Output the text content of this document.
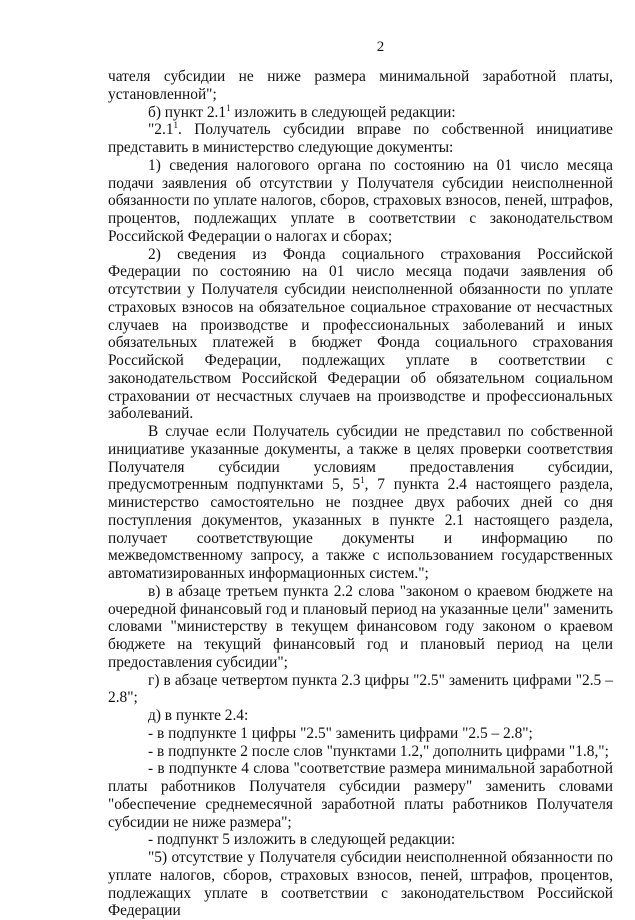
2

чателя субсидии не ниже размера минимальной заработной платы, установленной";

б) пункт $2.1^1$ изложить в следующей редакции:

"$2.1^1$. Получатель субсидии вправе по собственной инициативе представить в министерство следующие документы:

1) сведения налогового органа по состоянию на 01 число месяца подачи заявления об отсутствии у Получателя субсидии неисполненной обязанности по уплате налогов, сборов, страховых взносов, пеней, штрафов, процентов, подлежащих уплате в соответствии с законодательством Российской Федерации о налогах и сборах;

2) сведения из Фонда социального страхования Российской Федерации по состоянию на 01 число месяца подачи заявления об отсутствии у Получателя субсидии неисполненной обязанности по уплате страховых взносов на обязательное социальное страхование от несчастных случаев на производстве и профессиональных заболеваний и иных обязательных платежей в бюджет Фонда социального страхования Российской Федерации, подлежащих уплате в соответствии с законодательством Российской Федерации об обязательном социальном страховании от несчастных случаев на производстве и профессиональных заболеваний.

В случае если Получатель субсидии не представил по собственной инициативе указанные документы, а также в целях проверки соответствия Получателя субсидии условиям предоставления субсидии, предусмотренным подпунктами 5, $5^1$, 7 пункта 2.4 настоящего раздела, министерство самостоятельно не позднее двух рабочих дней со дня поступления документов, указанных в пункте 2.1 настоящего раздела, получает соответствующие документы и информацию по межведомственному запросу, а также с использованием государственных автоматизированных информационных систем.";

в) в абзаце третьем пункта 2.2 слова "законом о краевом бюджете на очередной финансовый год и плановый период на указанные цели" заменить словами "министерству в текущем финансовом году законом о краевом бюджете на текущий финансовый год и плановый период на цели предоставления субсидии";

г) в абзаце четвертом пункта 2.3 цифры "2.5" заменить цифрами "2.5 – 2.8";

д) в пункте 2.4:

- в подпункте 1 цифры "2.5" заменить цифрами "2.5 – 2.8";

- в подпункте 2 после слов "пунктами 1.2," дополнить цифрами "1.8,";

- в подпункте 4 слова "соответствие размера минимальной заработной платы работников Получателя субсидии размеру" заменить словами "обеспечение среднемесячной заработной платы работников Получателя субсидии не ниже размера";

- подпункт 5 изложить в следующей редакции:

"5) отсутствие у Получателя субсидии неисполненной обязанности по уплате налогов, сборов, страховых взносов, пеней, штрафов, процентов, подлежащих уплате в соответствии с законодательством Российской Федерации
